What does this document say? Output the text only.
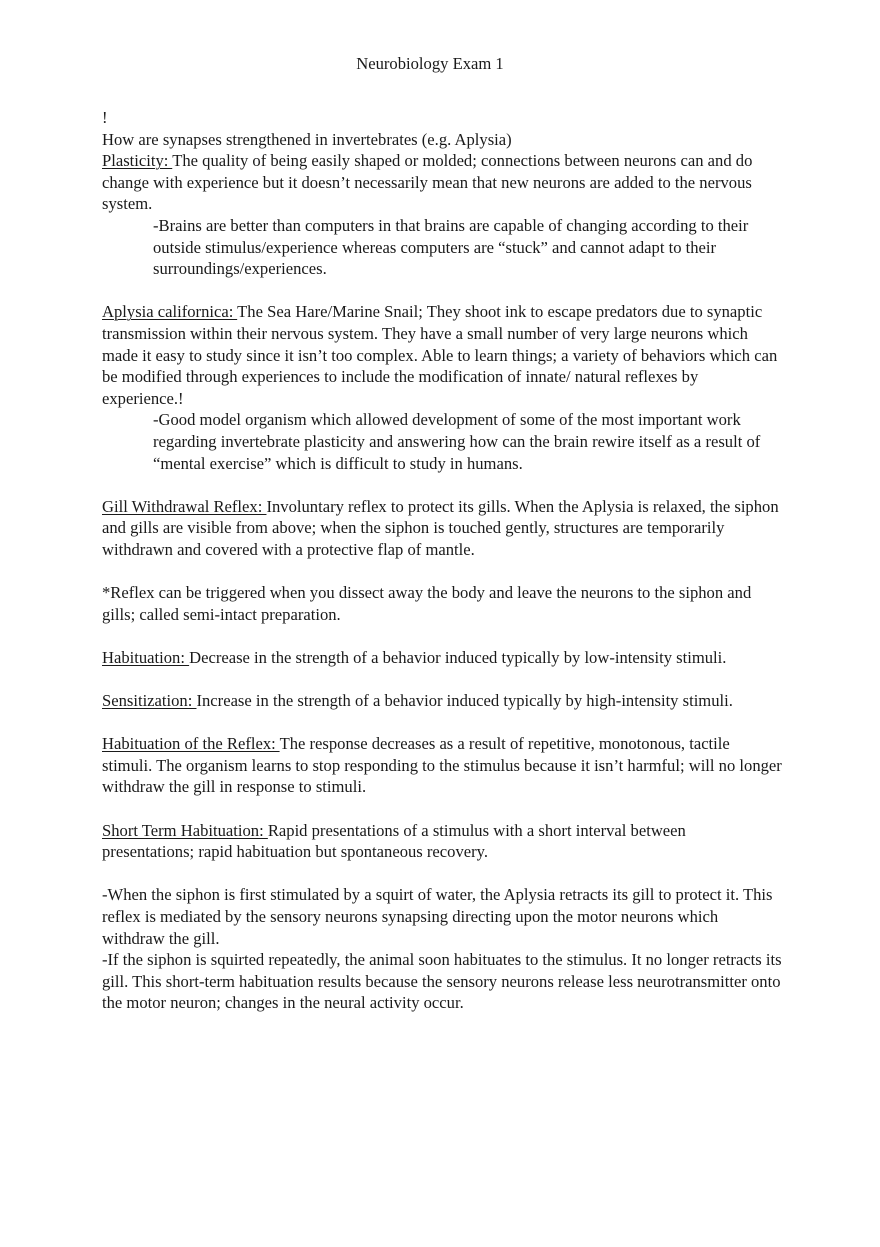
Neurobiology Exam 1

!

How are synapses strengthened in invertebrates (e.g. Aplysia)

Plasticity: The quality of being easily shaped or molded; connections between neurons can and do change with experience but it doesn’t necessarily mean that new neurons are added to the nervous system.

-Brains are better than computers in that brains are capable of changing according to their outside stimulus/experience whereas computers are “stuck” and cannot adapt to their surroundings/experiences.

Aplysia californica: The Sea Hare/Marine Snail; They shoot ink to escape predators due to synaptic transmission within their nervous system. They have a small number of very large neurons which made it easy to study since it isn’t too complex. Able to learn things; a variety of behaviors which can be modified through experiences to include the modification of innate/ natural reflexes by experience.!

-Good model organism which allowed development of some of the most important work regarding invertebrate plasticity and answering how can the brain rewire itself as a result of “mental exercise” which is difficult to study in humans.

Gill Withdrawal Reflex: Involuntary reflex to protect its gills. When the Aplysia is relaxed, the siphon and gills are visible from above; when the siphon is touched gently, structures are temporarily withdrawn and covered with a protective flap of mantle.

*Reflex can be triggered when you dissect away the body and leave the neurons to the siphon and gills; called semi-intact preparation.

Habituation: Decrease in the strength of a behavior induced typically by low-intensity stimuli.

Sensitization: Increase in the strength of a behavior induced typically by high-intensity stimuli.

Habituation of the Reflex: The response decreases as a result of repetitive, monotonous, tactile stimuli. The organism learns to stop responding to the stimulus because it isn’t harmful; will no longer withdraw the gill in response to stimuli.

Short Term Habituation: Rapid presentations of a stimulus with a short interval between presentations; rapid habituation but spontaneous recovery.

-When the siphon is first stimulated by a squirt of water, the Aplysia retracts its gill to protect it. This reflex is mediated by the sensory neurons synapsing directing upon the motor neurons which withdraw the gill.

-If the siphon is squirted repeatedly, the animal soon habituates to the stimulus. It no longer retracts its gill. This short-term habituation results because the sensory neurons release less neurotransmitter onto the motor neuron; changes in the neural activity occur.
